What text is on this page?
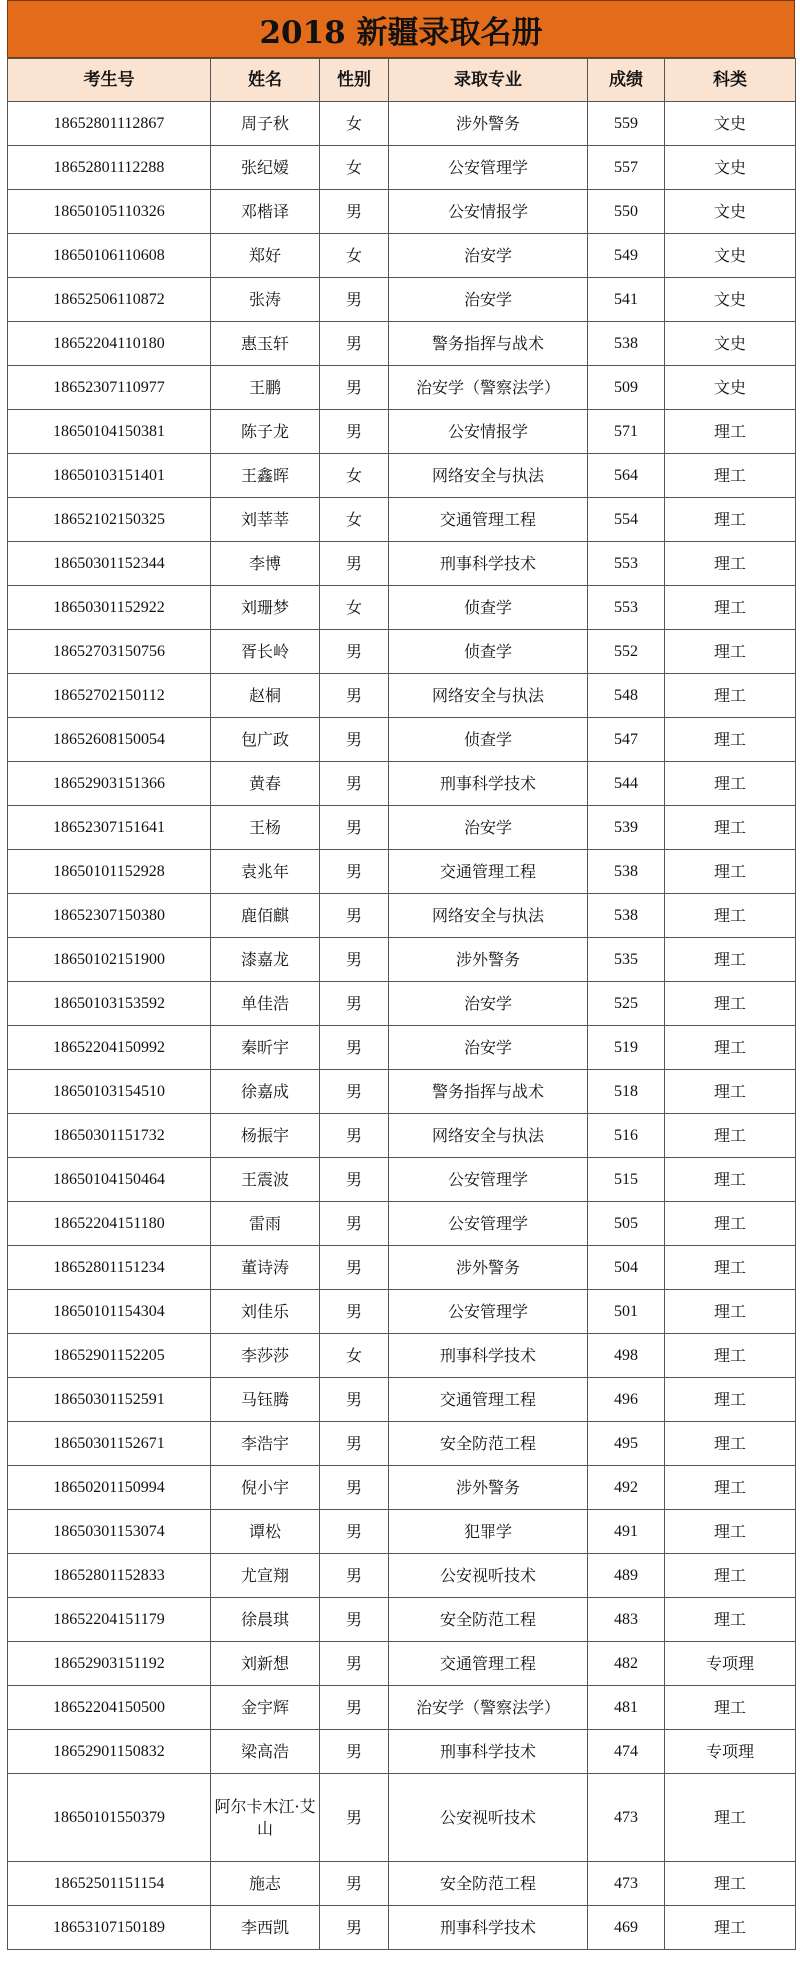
2018 新疆录取名册
考生号	姓名	性别	录取专业	成绩	科类
18652801112867	周子秋	女	涉外警务	559	文史
18652801112288	张纪嫒	女	公安管理学	557	文史
18650105110326	邓楷译	男	公安情报学	550	文史
18650106110608	郑好	女	治安学	549	文史
18652506110872	张涛	男	治安学	541	文史
18652204110180	惠玉轩	男	警务指挥与战术	538	文史
18652307110977	王鹏	男	治安学（警察法学）	509	文史
18650104150381	陈子龙	男	公安情报学	571	理工
18650103151401	王鑫晖	女	网络安全与执法	564	理工
18652102150325	刘莘莘	女	交通管理工程	554	理工
18650301152344	李博	男	刑事科学技术	553	理工
18650301152922	刘珊梦	女	侦查学	553	理工
18652703150756	胥长岭	男	侦查学	552	理工
18652702150112	赵桐	男	网络安全与执法	548	理工
18652608150054	包广政	男	侦查学	547	理工
18652903151366	黄春	男	刑事科学技术	544	理工
18652307151641	王杨	男	治安学	539	理工
18650101152928	袁兆年	男	交通管理工程	538	理工
18652307150380	鹿佰麒	男	网络安全与执法	538	理工
18650102151900	漆嘉龙	男	涉外警务	535	理工
18650103153592	单佳浩	男	治安学	525	理工
18652204150992	秦昕宇	男	治安学	519	理工
18650103154510	徐嘉成	男	警务指挥与战术	518	理工
18650301151732	杨振宇	男	网络安全与执法	516	理工
18650104150464	王震波	男	公安管理学	515	理工
18652204151180	雷雨	男	公安管理学	505	理工
18652801151234	董诗涛	男	涉外警务	504	理工
18650101154304	刘佳乐	男	公安管理学	501	理工
18652901152205	李莎莎	女	刑事科学技术	498	理工
18650301152591	马钰腾	男	交通管理工程	496	理工
18650301152671	李浩宇	男	安全防范工程	495	理工
18650201150994	倪小宇	男	涉外警务	492	理工
18650301153074	谭松	男	犯罪学	491	理工
18652801152833	尤宣翔	男	公安视听技术	489	理工
18652204151179	徐晨琪	男	安全防范工程	483	理工
18652903151192	刘新想	男	交通管理工程	482	专项理
18652204150500	金宇辉	男	治安学（警察法学）	481	理工
18652901150832	梁高浩	男	刑事科学技术	474	专项理
18650101550379	阿尔卡木江·艾山	男	公安视听技术	473	理工
18652501151154	施志	男	安全防范工程	473	理工
18653107150189	李西凯	男	刑事科学技术	469	理工
